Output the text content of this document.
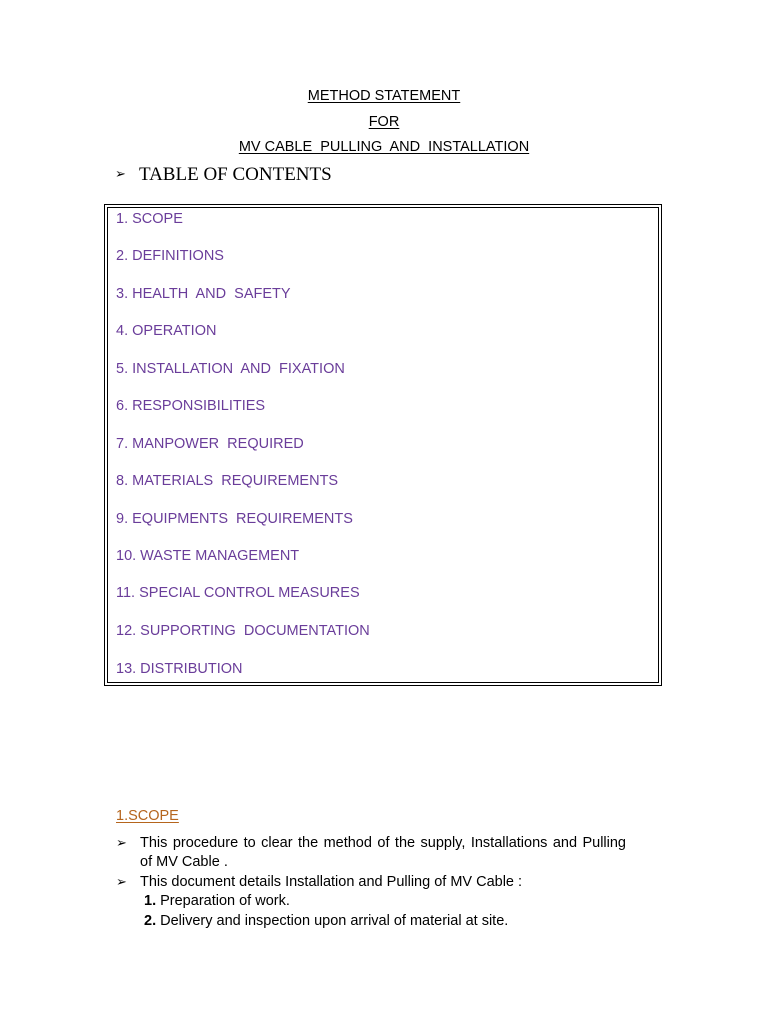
METHOD STATEMENT
FOR
MV CABLE  PULLING  AND  INSTALLATION
➢ TABLE OF CONTENTS
1. SCOPE
2. DEFINITIONS
3. HEALTH  AND  SAFETY
4. OPERATION
5. INSTALLATION  AND  FIXATION
6. RESPONSIBILITIES
7. MANPOWER  REQUIRED
8. MATERIALS  REQUIREMENTS
9. EQUIPMENTS  REQUIREMENTS
10. WASTE MANAGEMENT
11. SPECIAL CONTROL MEASURES
12. SUPPORTING  DOCUMENTATION
13. DISTRIBUTION
1.SCOPE
➢ This procedure to clear the method of the supply, Installations and Pulling of MV Cable .
➢ This document details Installation and Pulling of MV Cable :
1. Preparation of work.
2. Delivery and inspection upon arrival of material at site.
